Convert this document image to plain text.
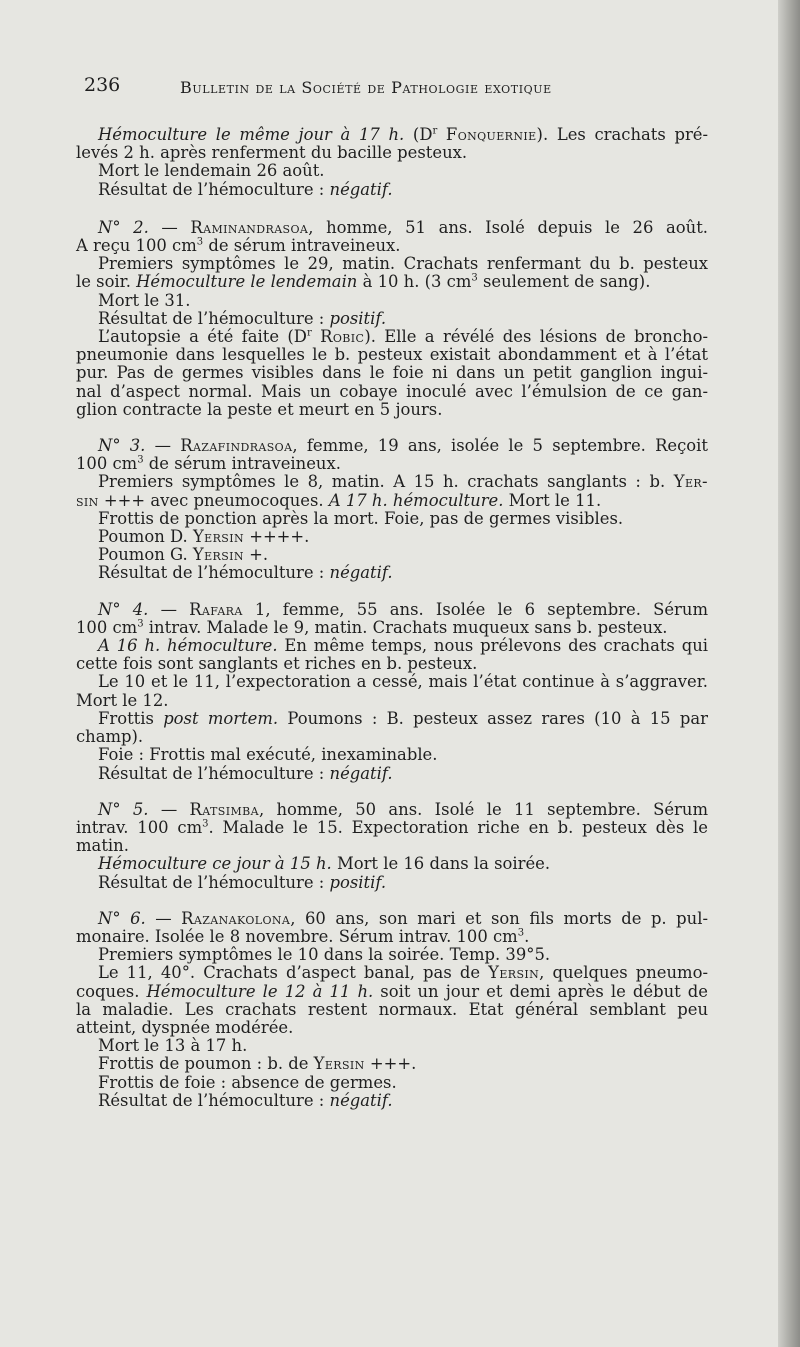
236	Bulletin de la Société de Pathologie exotique
Hémoculture le même jour à 17 h. ($D^r$ Fonquernie). Les crachats pré-
levés 2 h. après renferment du bacille pesteux.
Mort le lendemain 26 août.
Résultat de l’hémoculture : négatif.
N° 2. — Raminandrasoa, homme, 51 ans. Isolé depuis le 26 août.
A reçu 100 $cm^3$ de sérum intraveineux.
Premiers symptômes le 29, matin. Crachats renfermant du b. pesteux
le soir. Hémoculture le lendemain à 10 h. (3 $cm^3$ seulement de sang).
Mort le 31.
Résultat de l’hémoculture : positif.
L’autopsie a été faite ($D^r$ Robic). Elle a révélé des lésions de broncho-
pneumonie dans lesquelles le b. pesteux existait abondamment et à l’état
pur. Pas de germes visibles dans le foie ni dans un petit ganglion ingui-
nal d’aspect normal. Mais un cobaye inoculé avec l’émulsion de ce gan-
glion contracte la peste et meurt en 5 jours.
N° 3. — Razafindrasoa, femme, 19 ans, isolée le 5 septembre. Reçoit
100 $cm^3$ de sérum intraveineux.
Premiers symptômes le 8, matin. A 15 h. crachats sanglants : b. Yer-
sin +++ avec pneumocoques. A 17 h. hémoculture. Mort le 11.
Frottis de ponction après la mort. Foie, pas de germes visibles.
Poumon D. Yersin ++++.
Poumon G. Yersin +.
Résultat de l’hémoculture : négatif.
N° 4. — Rafara 1, femme, 55 ans. Isolée le 6 septembre. Sérum
100 $cm^3$ intrav. Malade le 9, matin. Crachats muqueux sans b. pesteux.
A 16 h. hémoculture. En même temps, nous prélevons des crachats qui
cette fois sont sanglants et riches en b. pesteux.
Le 10 et le 11, l’expectoration a cessé, mais l’état continue à s’aggraver.
Mort le 12.
Frottis post mortem. Poumons : B. pesteux assez rares (10 à 15 par
champ).
Foie : Frottis mal exécuté, inexaminable.
Résultat de l’hémoculture : négatif.
N° 5. — Ratsimba, homme, 50 ans. Isolé le 11 septembre. Sérum
intrav. 100 $cm^3$. Malade le 15. Expectoration riche en b. pesteux dès le
matin.
Hémoculture ce jour à 15 h. Mort le 16 dans la soirée.
Résultat de l’hémoculture : positif.
N° 6. — Razanakolona, 60 ans, son mari et son fils morts de p. pul-
monaire. Isolée le 8 novembre. Sérum intrav. 100 $cm^3$.
Premiers symptômes le 10 dans la soirée. Temp. 39°5.
Le 11, 40°. Crachats d’aspect banal, pas de Yersin, quelques pneumo-
coques. Hémoculture le 12 à 11 h. soit un jour et demi après le début de
la maladie. Les crachats restent normaux. Etat général semblant peu
atteint, dyspnée modérée.
Mort le 13 à 17 h.
Frottis de poumon : b. de Yersin +++.
Frottis de foie : absence de germes.
Résultat de l’hémoculture : négatif.
